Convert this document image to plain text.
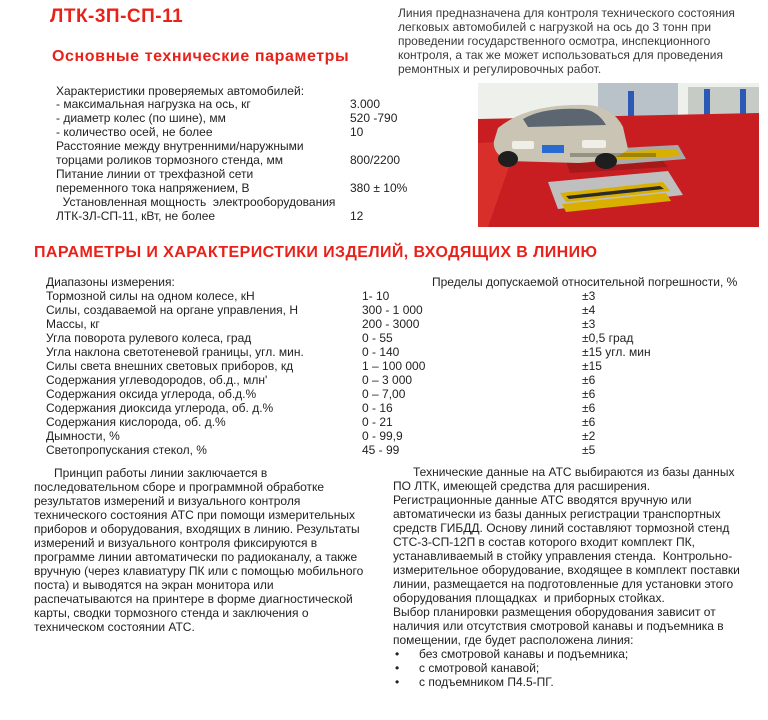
ЛТК-3П-СП-11
Основные технические параметры
Линия предназначена для контроля технического состояния легковых автомобилей с нагрузкой на ось до 3 тонн при проведении государственного осмотра, инспекционного контроля, а так же может использоваться для проведения ремонтных и регулировочных работ.
Характеристики проверяемых автомобилей:
- максимальная нагрузка на ось, кг	3.000
- диаметр колес (по шине), мм	520 -790
- количество осей, не более	10
Расстояние между внутренними/наружными
торцами роликов тормозного стенда, мм	800/2200
Питание линии от трехфазной сети
переменного тока напряжением, В	380 ± 10%
Установленная мощность  электрооборудования
ЛТК-3Л-СП-11, кВт, не более	12
ПАРАМЕТРЫ И ХАРАКТЕРИСТИКИ ИЗДЕЛИЙ, ВХОДЯЩИХ В ЛИНИЮ
Диапазоны измерения:	Пределы допускаемой относительной погрешности, %
Тормозной силы на одном колесе, кН	1- 10	±3
Силы, создаваемой на органе управления, Н	300 - 1 000	±4
Массы, кг	200 - 3000	±3
Угла поворота рулевого колеса, град	0 - 55	±0,5 град
Угла наклона светотеневой границы, угл. мин.	0 - 140	±15 угл. мин
Силы света внешних световых приборов, кд	1 – 100 000	±15
Содержания углеводородов, об.д., млн'	0 – 3 000	±6
Содержания оксида углерода, об.д.%	0 – 7,00	±6
Содержания диоксида углерода, об. д.%	0 - 16	±6
Содержания кислорода, об. д.%	0 - 21	±6
Дымности, %	0 - 99,9	±2
Светопропускания стекол, %	45 - 99	±5
Принцип работы линии заключается в последовательном сборе и программной обработке результатов измерений и визуального контроля технического состояния АТС при помощи измерительных приборов и оборудования, входящих в линию. Результаты измерений и визуального контроля фиксируются в программе линии автоматически по радиоканалу, а также вручную (через клавиатуру ПК или с помощью мобильного поста) и выводятся на экран монитора или распечатываются на принтере в форме диагностической карты, сводки тормозного стенда и заключения о техническом состоянии АТС.
Технические данные на АТС выбираются из базы данных ПО ЛТК, имеющей средства для расширения. Регистрационные данные АТС вводятся вручную или автоматически из базы данных регистрации транспортных средств ГИБДД. Основу линий составляют тормозной стенд СТС-3-СП-12П в состав которого входит комплект ПК, устанавливаемый в стойку управления стенда.  Контрольно-измерительное оборудование, входящее в комплект поставки линии, размещается на подготовленные для установки этого оборудования площадках  и приборных стойках.
Выбор планировки размещения оборудования зависит от наличия или отсутствия смотровой канавы и подъемника в помещении, где будет расположена линия:
• без смотровой канавы и подъемника;
• с смотровой канавой;
• с подъемником П4.5-ПГ.
